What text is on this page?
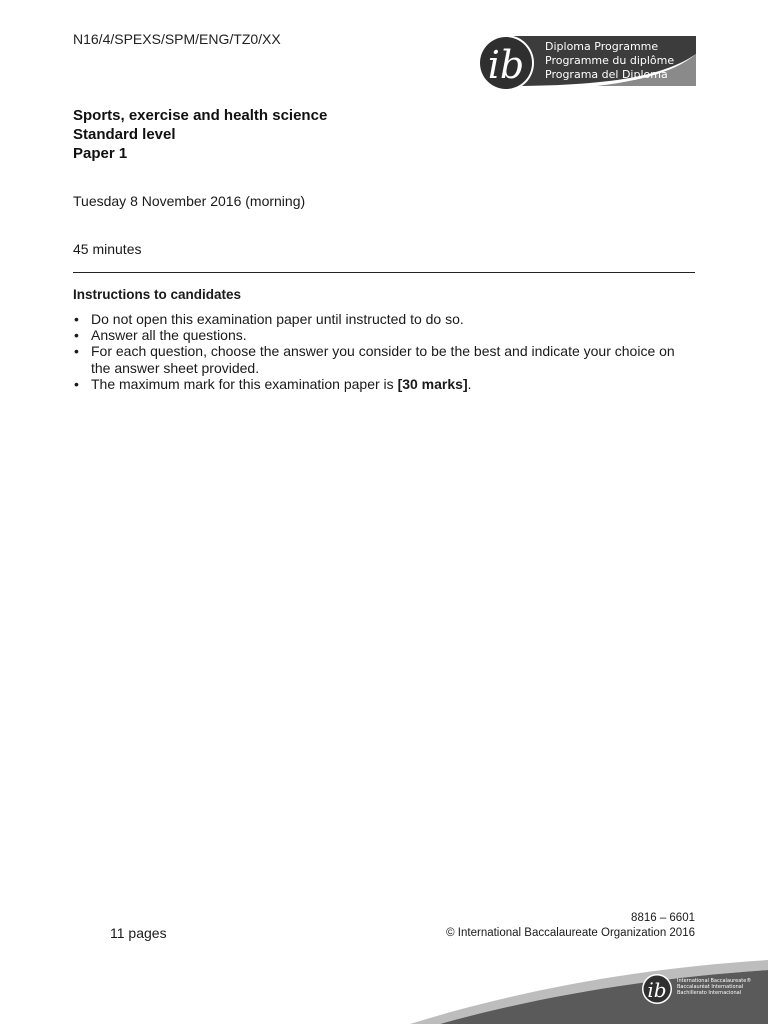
N16/4/SPEXS/SPM/ENG/TZ0/XX
ib Diploma Programme
Programme du diplôme
Programa del Diploma
Sports, exercise and health science
Standard level
Paper 1
Tuesday 8 November 2016 (morning)
45 minutes
Instructions to candidates
• Do not open this examination paper until instructed to do so.
• Answer all the questions.
• For each question, choose the answer you consider to be the best and indicate your choice on the answer sheet provided.
• The maximum mark for this examination paper is [30 marks].
11 pages
8816 – 6601
© International Baccalaureate Organization 2016
ib International Baccalaureate®
Baccalauréat International
Bachillerato Internacional
